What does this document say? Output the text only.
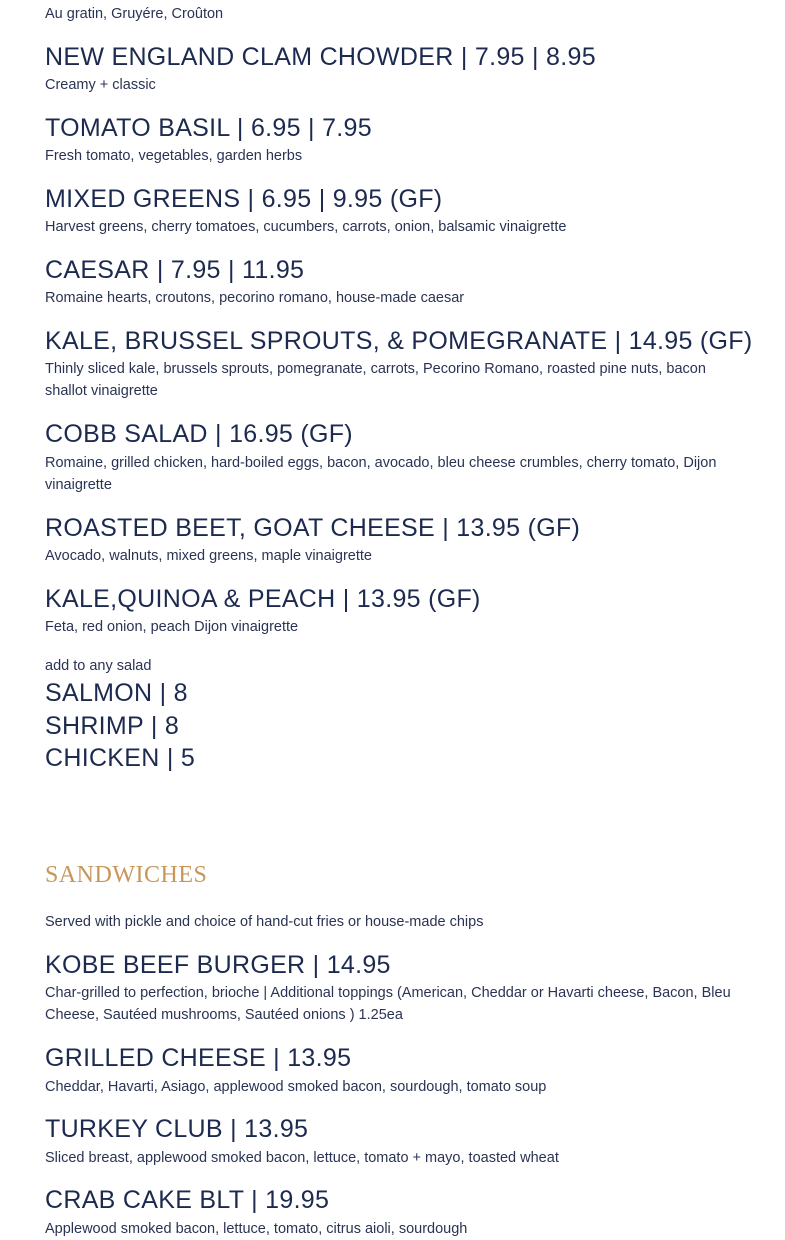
Au gratin, Gruyére, Croûton
NEW ENGLAND CLAM CHOWDER | 7.95 | 8.95
Creamy + classic
TOMATO BASIL | 6.95 | 7.95
Fresh tomato, vegetables, garden herbs
MIXED GREENS | 6.95 | 9.95 (GF)
Harvest greens, cherry tomatoes, cucumbers, carrots, onion, balsamic vinaigrette
CAESAR | 7.95 | 11.95
Romaine hearts, croutons, pecorino romano, house-made caesar
KALE, BRUSSEL SPROUTS, & POMEGRANATE | 14.95 (GF)
Thinly sliced kale, brussels sprouts, pomegranate, carrots, Pecorino Romano, roasted pine nuts, bacon shallot vinaigrette
COBB SALAD | 16.95 (GF)
Romaine, grilled chicken, hard-boiled eggs, bacon, avocado, bleu cheese crumbles, cherry tomato, Dijon vinaigrette
ROASTED BEET, GOAT CHEESE | 13.95 (GF)
Avocado, walnuts, mixed greens, maple vinaigrette
KALE,QUINOA & PEACH | 13.95 (GF)
Feta, red onion, peach Dijon vinaigrette
add to any salad
SALMON | 8
SHRIMP | 8
CHICKEN | 5
SANDWICHES
Served with pickle and choice of hand-cut fries or house-made chips
KOBE BEEF BURGER | 14.95
Char-grilled to perfection, brioche | Additional toppings (American, Cheddar or Havarti cheese, Bacon, Bleu Cheese, Sautéed mushrooms, Sautéed onions ) 1.25ea
GRILLED CHEESE | 13.95
Cheddar, Havarti, Asiago, applewood smoked bacon, sourdough, tomato soup
TURKEY CLUB | 13.95
Sliced breast, applewood smoked bacon, lettuce, tomato + mayo, toasted wheat
CRAB CAKE BLT | 19.95
Applewood smoked bacon, lettuce, tomato, citrus aioli, sourdough
